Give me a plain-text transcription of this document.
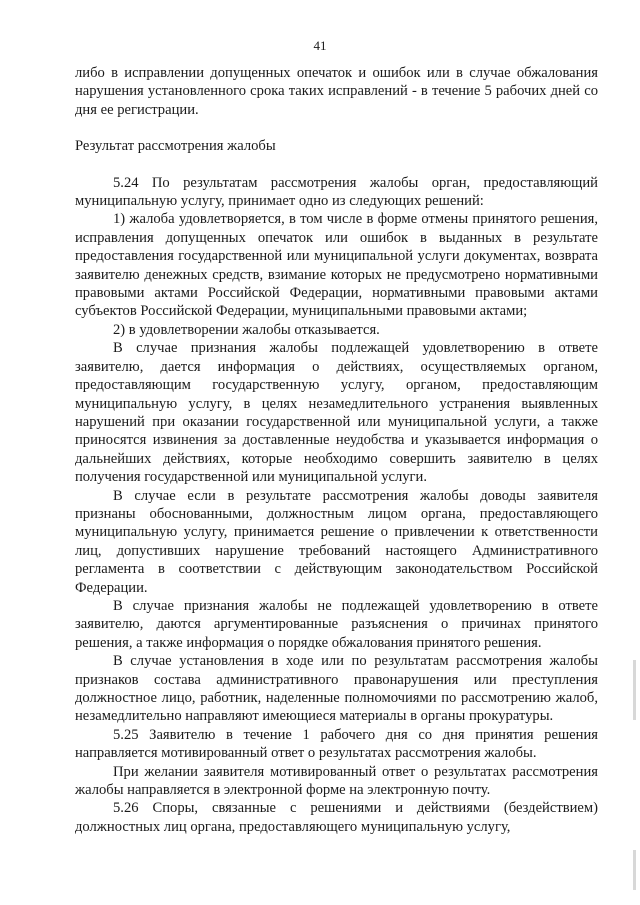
41

либо в исправлении допущенных опечаток и ошибок или в случае обжалования нарушения установленного срока таких исправлений - в течение 5 рабочих дней со дня ее регистрации.

Результат рассмотрения жалобы

5.24 По результатам рассмотрения жалобы орган, предоставляющий муниципальную услугу, принимает одно из следующих решений:

1) жалоба удовлетворяется, в том числе в форме отмены принятого решения, исправления допущенных опечаток или ошибок в выданных в результате предоставления государственной или муниципальной услуги документах, возврата заявителю денежных средств, взимание которых не предусмотрено нормативными правовыми актами Российской Федерации, нормативными правовыми актами субъектов Российской Федерации, муниципальными правовыми актами;

2) в удовлетворении жалобы отказывается.

В случае признания жалобы подлежащей удовлетворению в ответе заявителю, дается информация о действиях, осуществляемых органом, предоставляющим государственную услугу, органом, предоставляющим муниципальную услугу, в целях незамедлительного устранения выявленных нарушений при оказании государственной или муниципальной услуги, а также приносятся извинения за доставленные неудобства и указывается информация о дальнейших действиях, которые необходимо совершить заявителю в целях получения государственной или муниципальной услуги.

В случае если в результате рассмотрения жалобы доводы заявителя признаны обоснованными, должностным лицом органа, предоставляющего муниципальную услугу, принимается решение о привлечении к ответственности лиц, допустивших нарушение требований настоящего Административного регламента в соответствии с действующим законодательством Российской Федерации.

В случае признания жалобы не подлежащей удовлетворению в ответе заявителю, даются аргументированные разъяснения о причинах принятого решения, а также информация о порядке обжалования принятого решения.

В случае установления в ходе или по результатам рассмотрения жалобы признаков состава административного правонарушения или преступления должностное лицо, работник, наделенные полномочиями по рассмотрению жалоб, незамедлительно направляют имеющиеся материалы в органы прокуратуры.

5.25 Заявителю в течение 1 рабочего дня со дня принятия решения направляется мотивированный ответ о результатах рассмотрения жалобы.

При желании заявителя мотивированный ответ о результатах рассмотрения жалобы направляется в электронной форме на электронную почту.

5.26 Споры, связанные с решениями и действиями (бездействием) должностных лиц органа, предоставляющего муниципальную услугу,
